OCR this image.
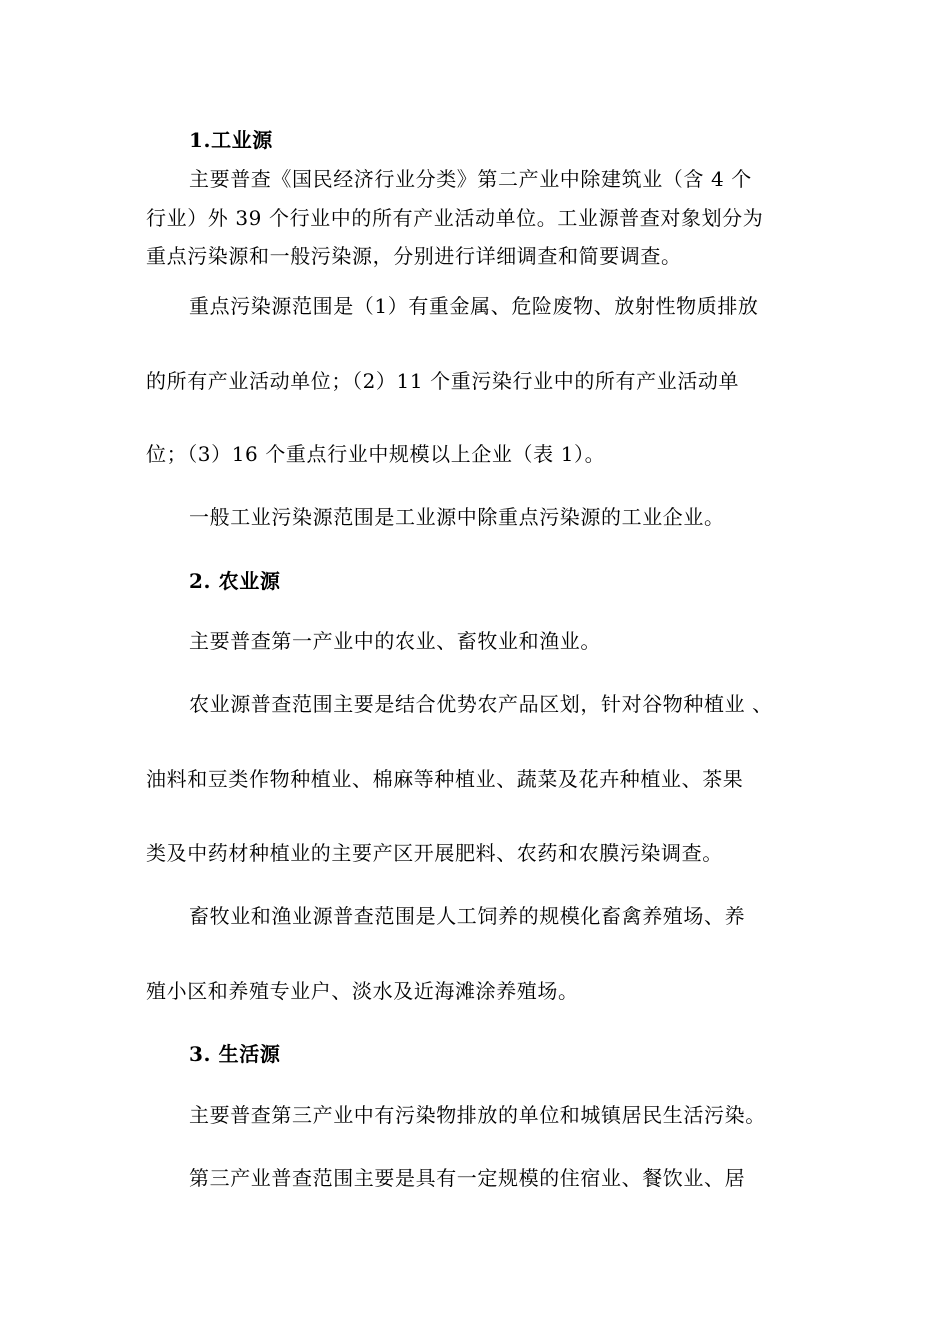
1.工业源
主要普查《国民经济行业分类》第二产业中除建筑业（含 4 个
行业）外 39 个行业中的所有产业活动单位。工业源普查对象划分为
重点污染源和一般污染源，分别进行详细调查和简要调查。
重点污染源范围是（1）有重金属、危险废物、放射性物质排放
的所有产业活动单位；（2）11 个重污染行业中的所有产业活动单
位；（3）16 个重点行业中规模以上企业（表 1）。
一般工业污染源范围是工业源中除重点污染源的工业企业。
2. 农业源
主要普查第一产业中的农业、畜牧业和渔业。
农业源普查范围主要是结合优势农产品区划，针对谷物种植业 、
油料和豆类作物种植业、棉麻等种植业、蔬菜及花卉种植业、茶果
类及中药材种植业的主要产区开展肥料、农药和农膜污染调查。
畜牧业和渔业源普查范围是人工饲养的规模化畜禽养殖场、养
殖小区和养殖专业户、淡水及近海滩涂养殖场。
3. 生活源
主要普查第三产业中有污染物排放的单位和城镇居民生活污染。
第三产业普查范围主要是具有一定规模的住宿业、餐饮业、居
